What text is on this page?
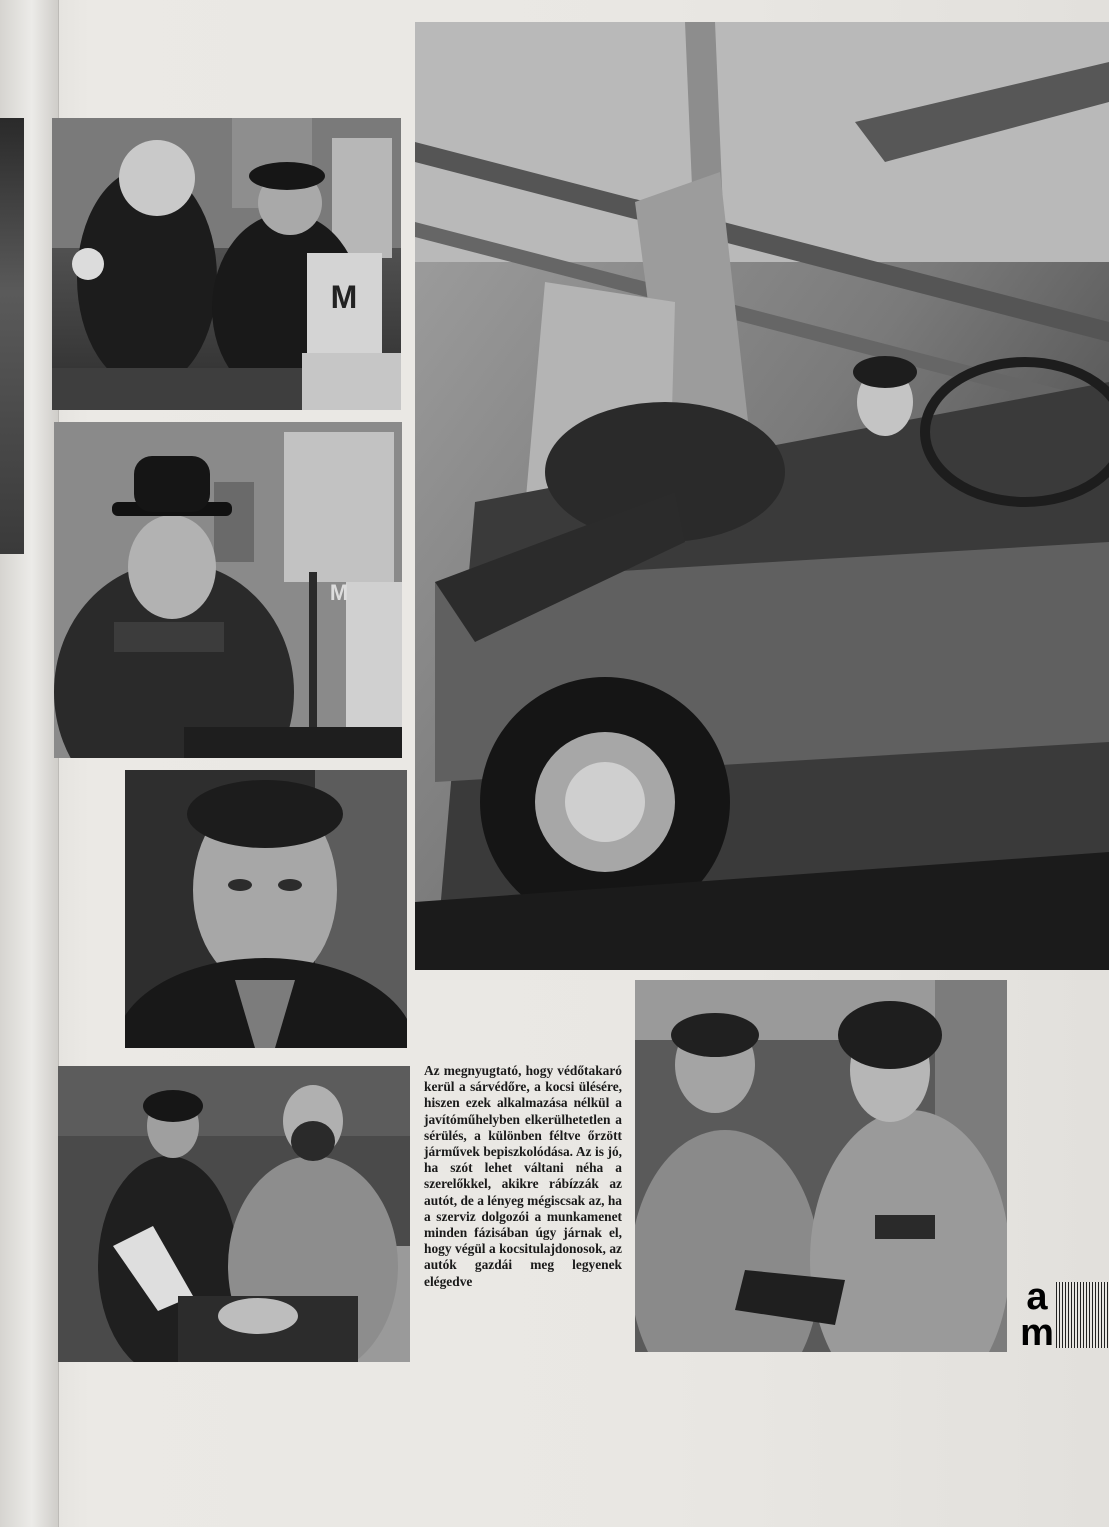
M
M

Az megnyugtató, hogy védőtakaró kerül a sárvédőre, a kocsi ülésére, hiszen ezek alkalmazása nélkül a javítóműhelyben elkerülhetetlen a sérülés, a különben féltve őrzött járművek bepiszkolódása. Az is jó, ha szót lehet váltani néha a szerelőkkel, akikre rábízzák az autót, de a lényeg mégiscsak az, ha a szerviz dolgozói a munkamenet minden fázisában úgy járnak el, hogy végül a kocsitulajdonosok, az autók gazdái meg legyenek elégedve	a
m
